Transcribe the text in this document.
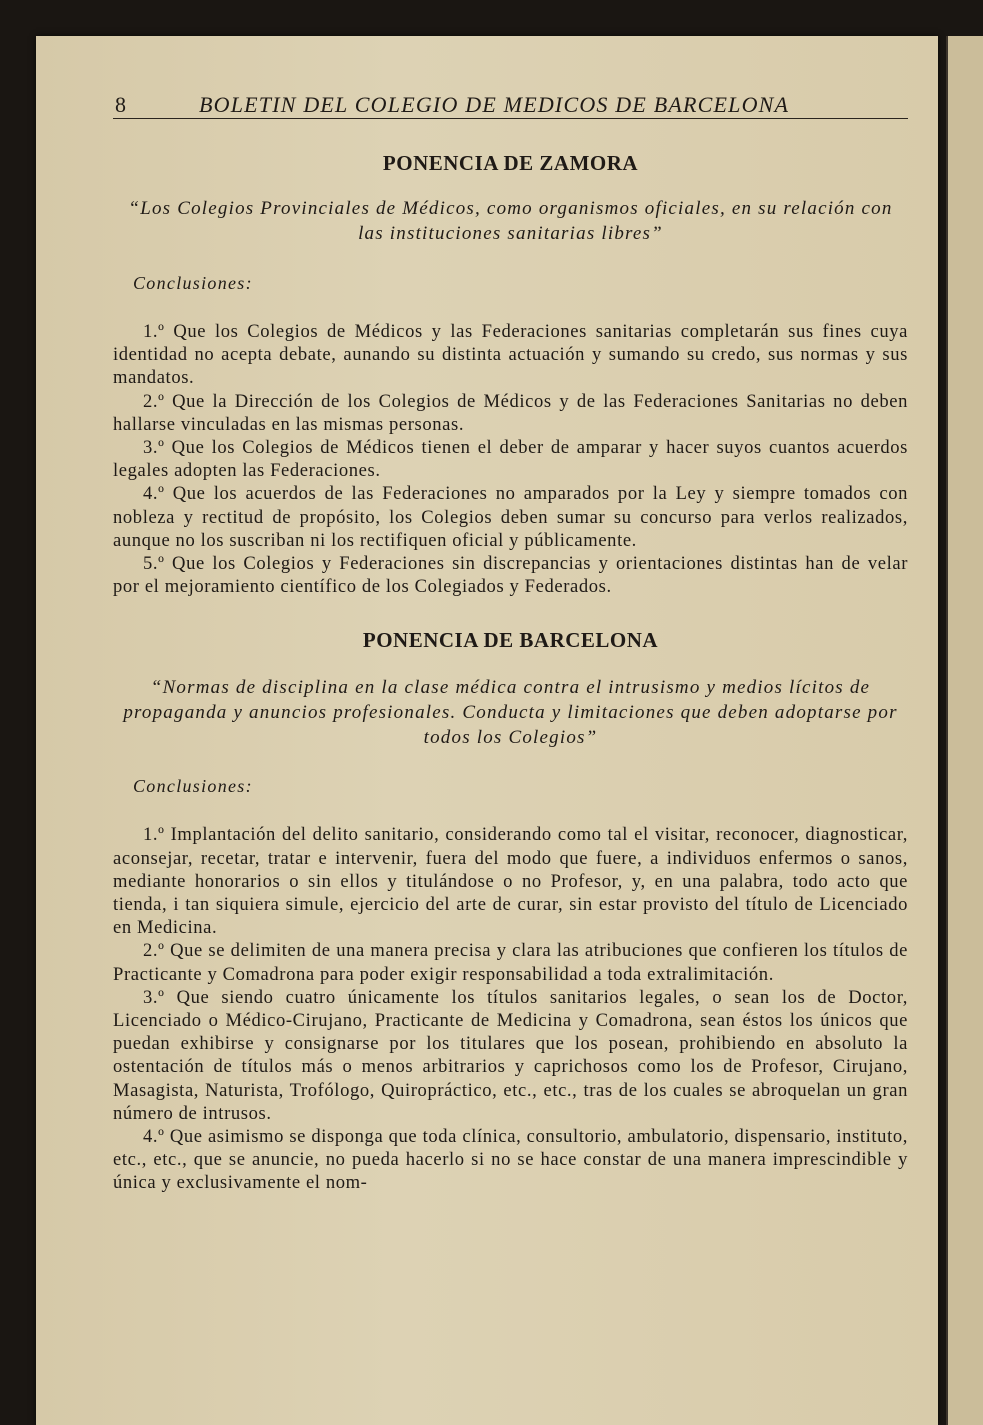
8	BOLETIN DEL COLEGIO DE MEDICOS DE BARCELONA
PONENCIA DE ZAMORA

“Los Colegios Provinciales de Médicos, como organismos oficiales, en su relación con las instituciones sanitarias libres”

Conclusiones:

1.º Que los Colegios de Médicos y las Federaciones sanitarias completarán sus fines cuya identidad no acepta debate, aunando su distinta actuación y sumando su credo, sus normas y sus mandatos.

2.º Que la Dirección de los Colegios de Médicos y de las Federaciones Sanitarias no deben hallarse vinculadas en las mismas personas.

3.º Que los Colegios de Médicos tienen el deber de amparar y hacer suyos cuantos acuerdos legales adopten las Federaciones.

4.º Que los acuerdos de las Federaciones no amparados por la Ley y siempre tomados con nobleza y rectitud de propósito, los Colegios deben sumar su concurso para verlos realizados, aunque no los suscriban ni los rectifiquen oficial y públicamente.

5.º Que los Colegios y Federaciones sin discrepancias y orientaciones distintas han de velar por el mejoramiento científico de los Colegiados y Federados.

PONENCIA DE BARCELONA

“Normas de disciplina en la clase médica contra el intrusismo y medios lícitos de propaganda y anuncios profesionales. Conducta y limitaciones que deben adoptarse por todos los Colegios”

Conclusiones:

1.º Implantación del delito sanitario, considerando como tal el visitar, reconocer, diagnosticar, aconsejar, recetar, tratar e intervenir, fuera del modo que fuere, a individuos enfermos o sanos, mediante honorarios o sin ellos y titulándose o no Profesor, y, en una palabra, todo acto que tienda, i tan siquiera simule, ejercicio del arte de curar, sin estar provisto del título de Licenciado en Medicina.

2.º Que se delimiten de una manera precisa y clara las atribuciones que confieren los títulos de Practicante y Comadrona para poder exigir responsabilidad a toda extralimitación.

3.º Que siendo cuatro únicamente los títulos sanitarios legales, o sean los de Doctor, Licenciado o Médico-Cirujano, Practicante de Medicina y Comadrona, sean éstos los únicos que puedan exhibirse y consignarse por los titulares que los posean, prohibiendo en absoluto la ostentación de títulos más o menos arbitrarios y caprichosos como los de Profesor, Cirujano, Masagista, Naturista, Trofólogo, Quiropráctico, etc., etc., tras de los cuales se abroquelan un gran número de intrusos.

4.º Que asimismo se disponga que toda clínica, consultorio, ambulatorio, dispensario, instituto, etc., etc., que se anuncie, no pueda hacerlo si no se hace constar de una manera imprescindible y única y exclusivamente el nom-
